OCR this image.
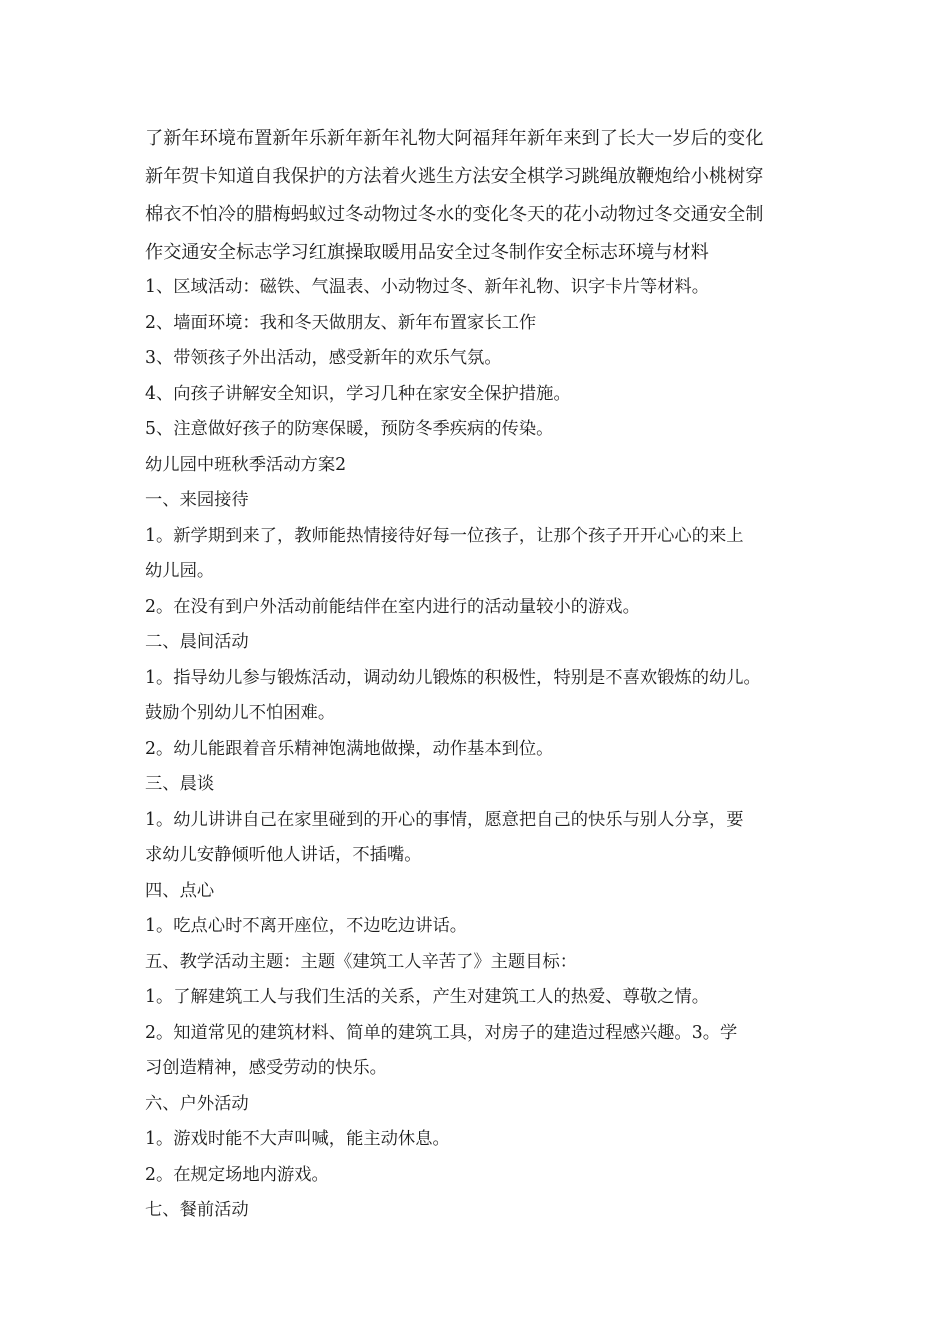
了新年环境布置新年乐新年新年礼物大阿福拜年新年来到了长大一岁后的变化
新年贺卡知道自我保护的方法着火逃生方法安全棋学习跳绳放鞭炮给小桃树穿
棉衣不怕冷的腊梅蚂蚁过冬动物过冬水的变化冬天的花小动物过冬交通安全制
作交通安全标志学习红旗操取暖用品安全过冬制作安全标志环境与材料
1、区域活动：磁铁、气温表、小动物过冬、新年礼物、识字卡片等材料。
2、墙面环境：我和冬天做朋友、新年布置家长工作
3、带领孩子外出活动，感受新年的欢乐气氛。
4、向孩子讲解安全知识，学习几种在家安全保护措施。
5、注意做好孩子的防寒保暖，预防冬季疾病的传染。
幼儿园中班秋季活动方案2
一、来园接待
1。新学期到来了，教师能热情接待好每一位孩子，让那个孩子开开心心的来上
幼儿园。
2。在没有到户外活动前能结伴在室内进行的活动量较小的游戏。
二、晨间活动
1。指导幼儿参与锻炼活动，调动幼儿锻炼的积极性，特别是不喜欢锻炼的幼儿。
鼓励个别幼儿不怕困难。
2。幼儿能跟着音乐精神饱满地做操，动作基本到位。
三、晨谈
1。幼儿讲讲自己在家里碰到的开心的事情，愿意把自己的快乐与别人分享，要
求幼儿安静倾听他人讲话，不插嘴。
四、点心
1。吃点心时不离开座位，不边吃边讲话。
五、教学活动主题：主题《建筑工人辛苦了》主题目标：
1。了解建筑工人与我们生活的关系，产生对建筑工人的热爱、尊敬之情。
2。知道常见的建筑材料、简单的建筑工具，对房子的建造过程感兴趣。3。学
习创造精神，感受劳动的快乐。
六、户外活动
1。游戏时能不大声叫喊，能主动休息。
2。在规定场地内游戏。
七、餐前活动
